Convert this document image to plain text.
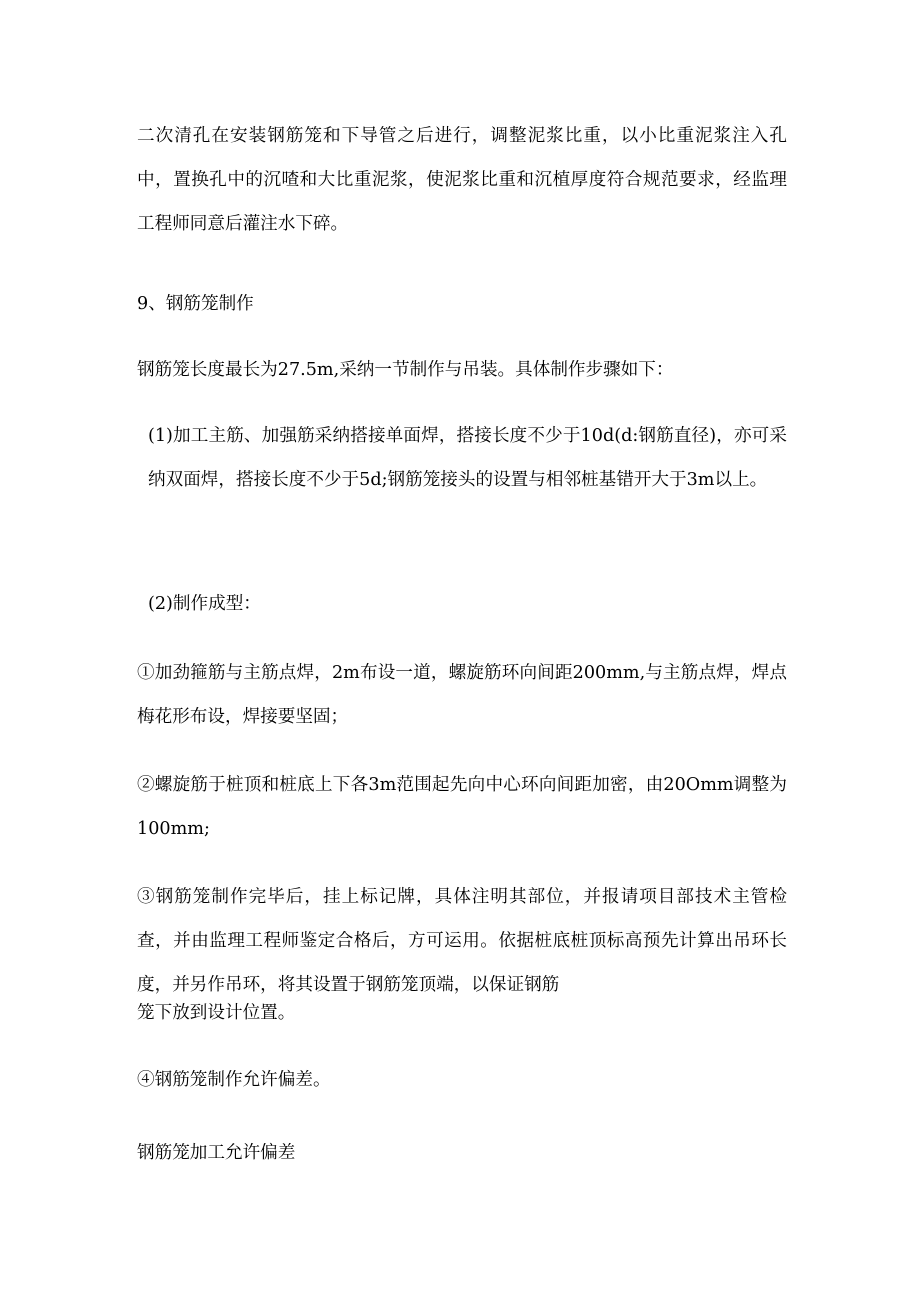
二次清孔在安装钢筋笼和下导管之后进行，调整泥浆比重，以小比重泥浆注入孔中，置换孔中的沉喳和大比重泥浆，使泥浆比重和沉植厚度符合规范要求，经监理工程师同意后灌注水下碎。

9、钢筋笼制作

钢筋笼长度最长为27.5m,采纳一节制作与吊装。具体制作步骤如下：

(1)加工主筋、加强筋采纳搭接单面焊，搭接长度不少于10d(d:钢筋直径)，亦可采纳双面焊，搭接长度不少于5d;钢筋笼接头的设置与相邻桩基错开大于3m以上。

(2)制作成型：

①加劲箍筋与主筋点焊，2m布设一道，螺旋筋环向间距200mm,与主筋点焊，焊点梅花形布设，焊接要坚固；

②螺旋筋于桩顶和桩底上下各3m范围起先向中心环向间距加密，由20Omm调整为100mm;

③钢筋笼制作完毕后，挂上标记牌，具体注明其部位，并报请项目部技术主管检查，并由监理工程师鉴定合格后，方可运用。依据桩底桩顶标高预先计算出吊环长度，并另作吊环，将其设置于钢筋笼顶端，以保证钢筋

笼下放到设计位置。

④钢筋笼制作允许偏差。

钢筋笼加工允许偏差
